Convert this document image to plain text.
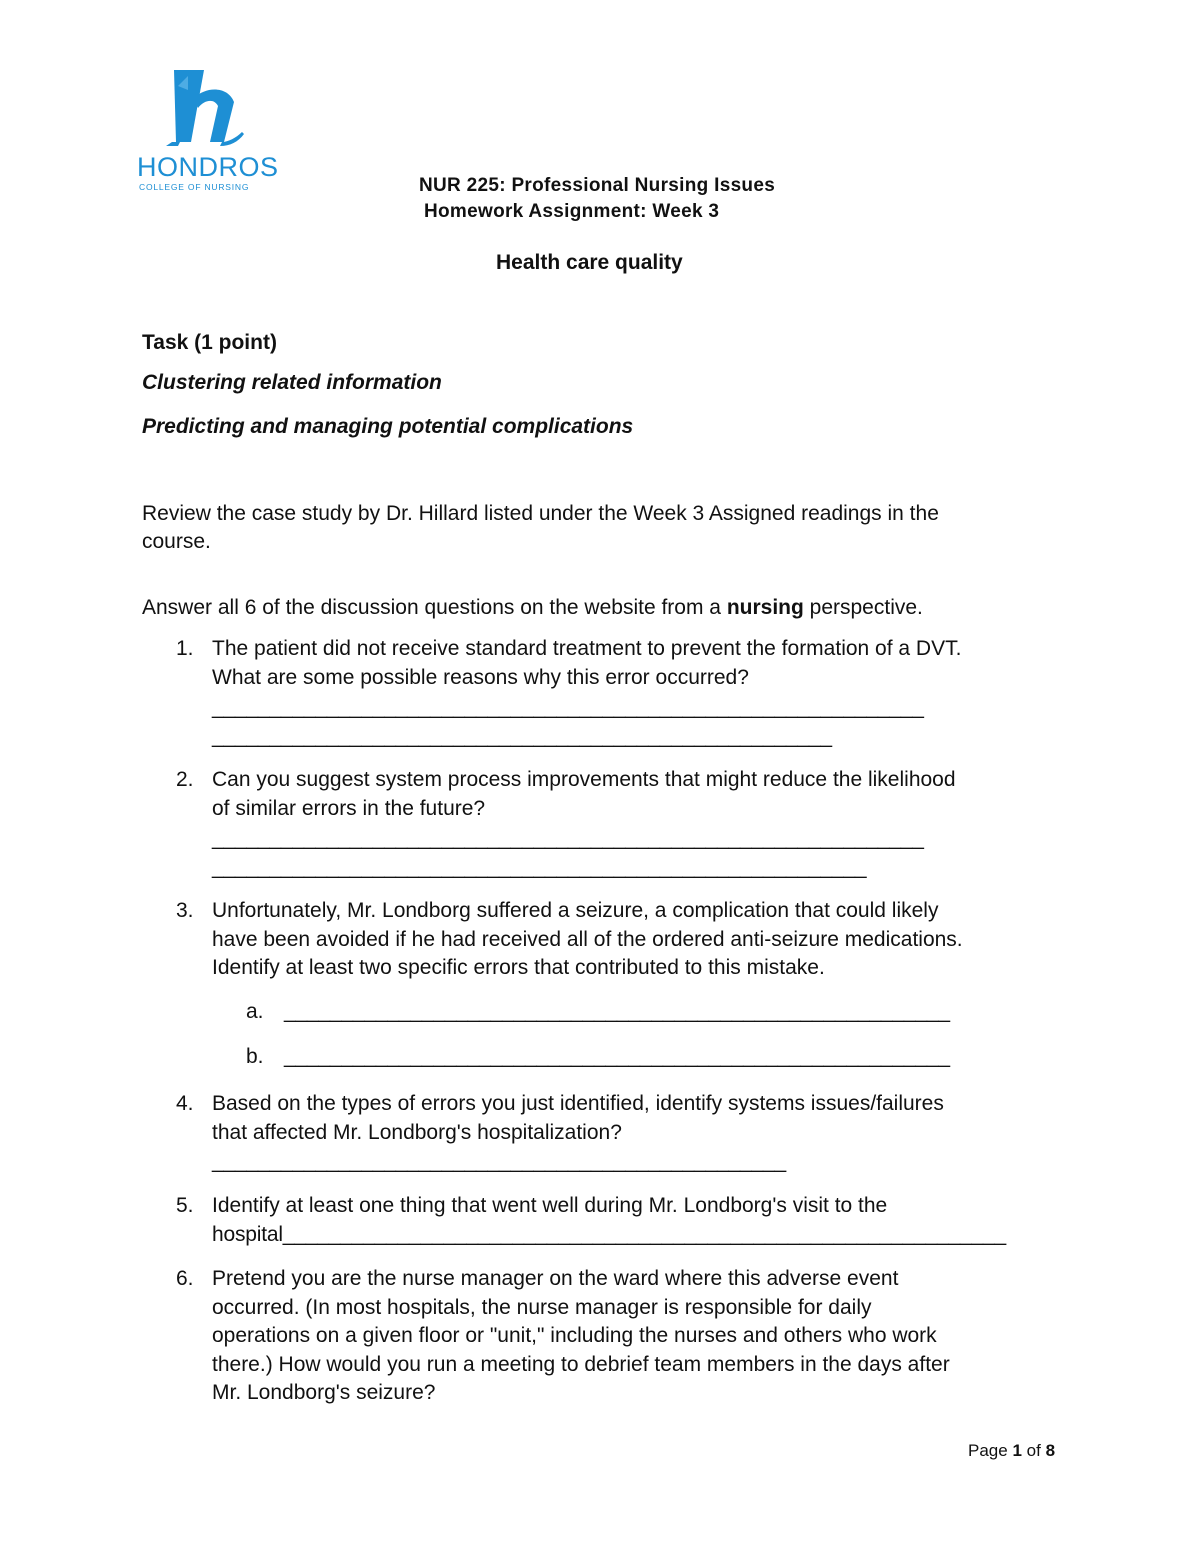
HONDROS
COLLEGE OF NURSING	NUR 225: Professional Nursing Issues
Homework Assignment: Week 3
Health care quality
Task (1 point)
Clustering related information
Predicting and managing potential complications
Review the case study by Dr. Hillard listed under the Week 3 Assigned readings in the
course.
Answer all 6 of the discussion questions on the website from a nursing perspective.
1. The patient did not receive standard treatment to prevent the formation of a DVT.
What are some possible reasons why this error occurred?
______________________________________________________________
______________________________________________________
2. Can you suggest system process improvements that might reduce the likelihood
of similar errors in the future?
______________________________________________________________
_________________________________________________________
3. Unfortunately, Mr. Londborg suffered a seizure, a complication that could likely
have been avoided if he had received all of the ordered anti-seizure medications.
Identify at least two specific errors that contributed to this mistake.
a. __________________________________________________________
b. __________________________________________________________
4. Based on the types of errors you just identified, identify systems issues/failures
that affected Mr. Londborg's hospitalization?
__________________________________________________
5. Identify at least one thing that went well during Mr. Londborg's visit to the
hospital_______________________________________________________________
6. Pretend you are the nurse manager on the ward where this adverse event
occurred. (In most hospitals, the nurse manager is responsible for daily
operations on a given floor or "unit," including the nurses and others who work
there.) How would you run a meeting to debrief team members in the days after
Mr. Londborg's seizure?
Page 1 of 8
